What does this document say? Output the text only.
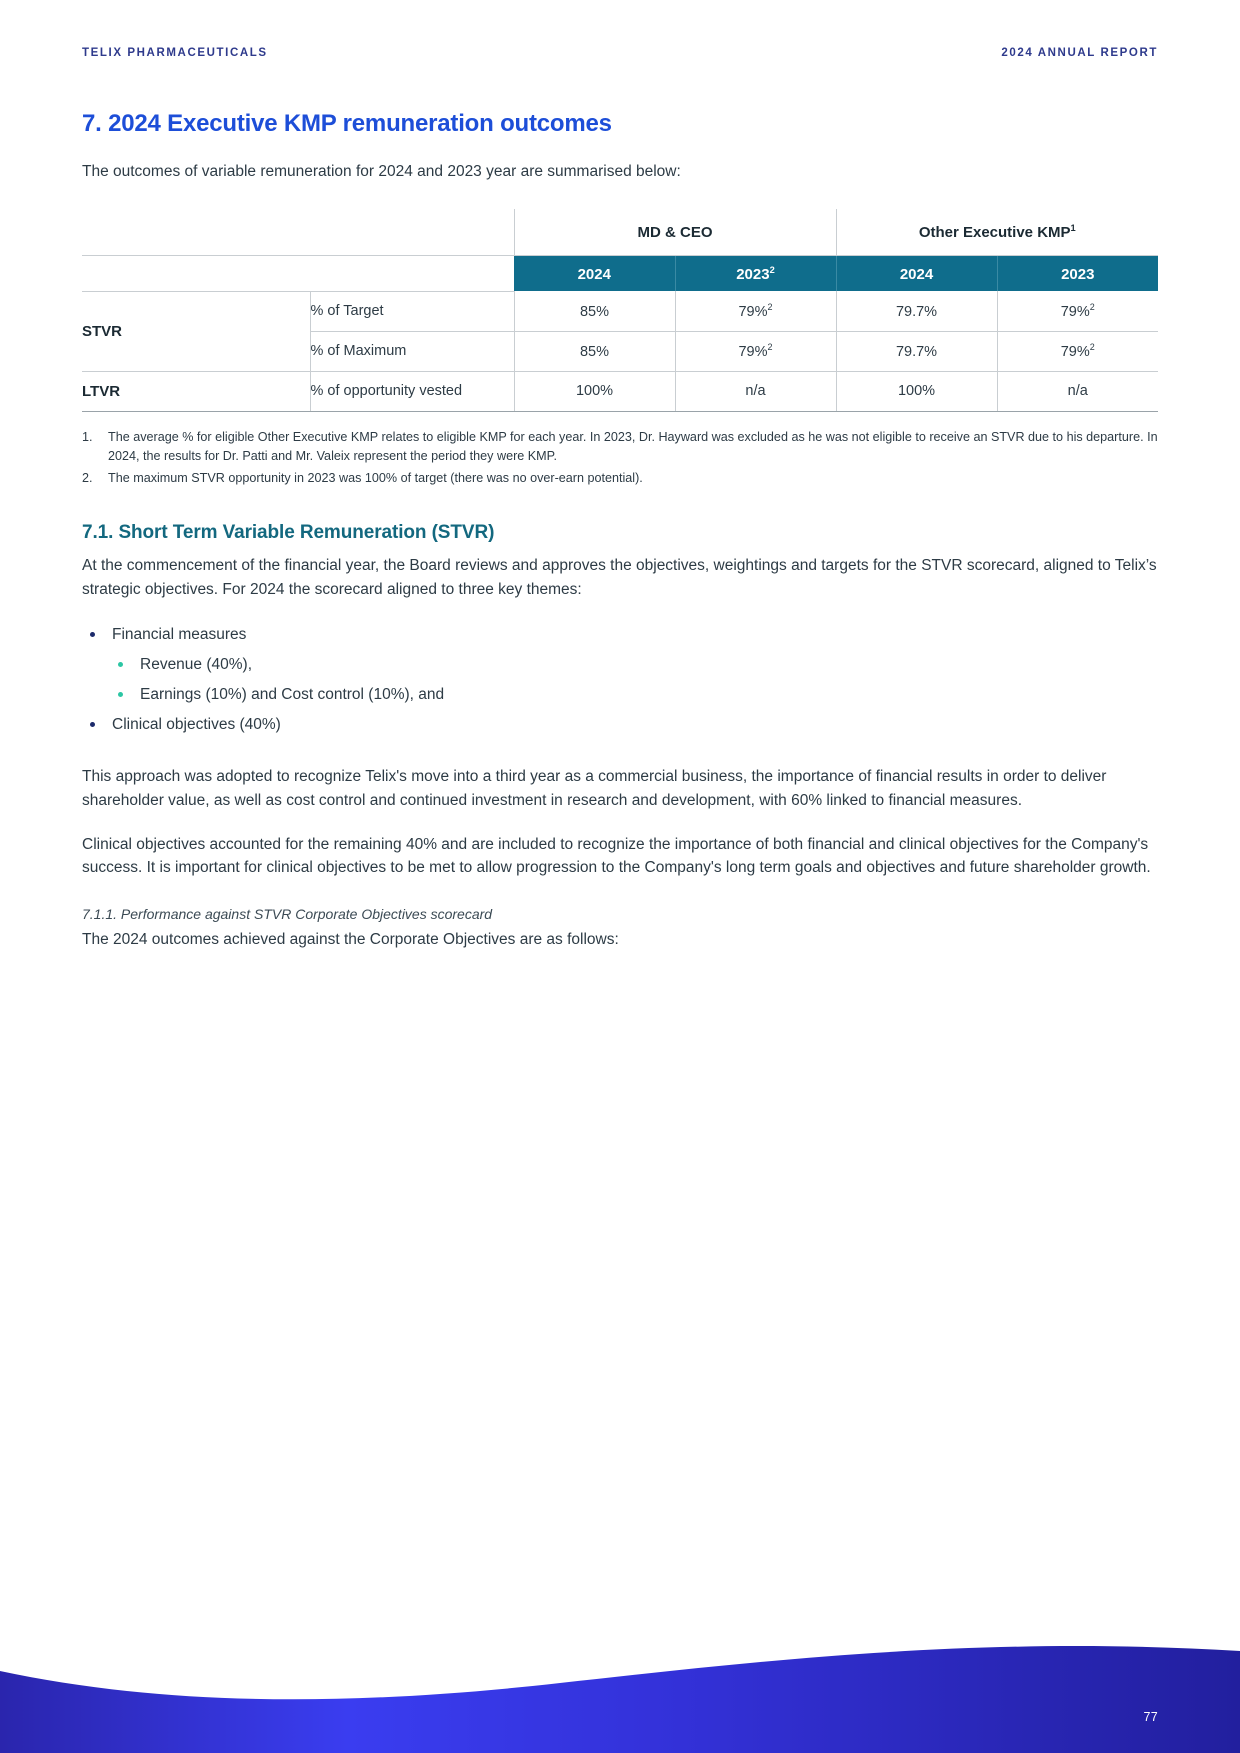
TELIX PHARMACEUTICALS	2024 ANNUAL REPORT
7. 2024 Executive KMP remuneration outcomes

The outcomes of variable remuneration for 2024 and 2023 year are summarised below:

		MD & CEO		Other Executive KMP$^1$
		2024	2023$^2$	2024	2023
STVR	% of Target	85%	79%$^2$	79.7%	79%$^2$
	% of Maximum	85%	79%$^2$	79.7%	79%$^2$
LTVR	% of opportunity vested	100%	n/a	100%	n/a
The average % for eligible Other Executive KMP relates to eligible KMP for each year. In 2023, Dr. Hayward was excluded as he was not eligible to receive an STVR due to his departure. In 2024, the results for Dr. Patti and Mr. Valeix represent the period they were KMP.
The maximum STVR opportunity in 2023 was 100% of target (there was no over-earn potential).
7.1. Short Term Variable Remuneration (STVR)

At the commencement of the financial year, the Board reviews and approves the objectives, weightings and targets for the STVR scorecard, aligned to Telix’s strategic objectives. For 2024 the scorecard aligned to three key themes:

Financial measures
Revenue (40%),
Earnings (10%) and Cost control (10%), and
Clinical objectives (40%)

This approach was adopted to recognize Telix's move into a third year as a commercial business, the importance of financial results in order to deliver shareholder value, as well as cost control and continued investment in research and development, with 60% linked to financial measures.

Clinical objectives accounted for the remaining 40% and are included to recognize the importance of both financial and clinical objectives for the Company's success. It is important for clinical objectives to be met to allow progression to the Company's long term goals and objectives and future shareholder growth.

7.1.1. Performance against STVR Corporate Objectives scorecard

The 2024 outcomes achieved against the Corporate Objectives are as follows:

77
